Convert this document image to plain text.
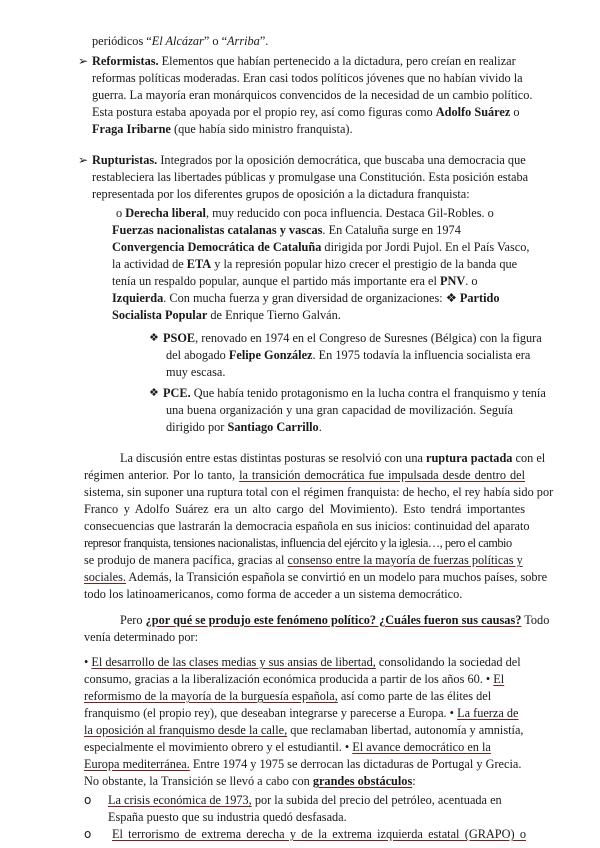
periódicos “El Alcázar” o “Arriba”.
➢ Reformistas. Elementos que habían pertenecido a la dictadura, pero creían en realizar
reformas políticas moderadas. Eran casi todos políticos jóvenes que no habían vivido la
guerra. La mayoría eran monárquicos convencidos de la necesidad de un cambio político.
Esta postura estaba apoyada por el propio rey, así como figuras como Adolfo Suárez o
Fraga Iribarne (que había sido ministro franquista).
➢ Rupturistas. Integrados por la oposición democrática, que buscaba una democracia que
restableciera las libertades públicas y promulgase una Constitución. Esta posición estaba
representada por los diferentes grupos de oposición a la dictadura franquista:
o Derecha liberal, muy reducido con poca influencia. Destaca Gil-Robles. o
Fuerzas nacionalistas catalanas y vascas. En Cataluña surge en 1974
Convergencia Democrática de Cataluña dirigida por Jordi Pujol. En el País Vasco,
la actividad de ETA y la represión popular hizo crecer el prestigio de la banda que
tenía un respaldo popular, aunque el partido más importante era el PNV. o
Izquierda. Con mucha fuerza y gran diversidad de organizaciones: ❖ Partido
Socialista Popular de Enrique Tierno Galván.
❖ PSOE, renovado en 1974 en el Congreso de Suresnes (Bélgica) con la figura
del abogado Felipe González. En 1975 todavía la influencia socialista era
muy escasa.
❖ PCE. Que había tenido protagonismo en la lucha contra el franquismo y tenía
una buena organización y una gran capacidad de movilización. Seguía
dirigido por Santiago Carrillo.
La discusión entre estas distintas posturas se resolvió con una ruptura pactada con el
régimen anterior. Por lo tanto, la transición democrática fue impulsada desde dentro del
sistema, sin suponer una ruptura total con el régimen franquista: de hecho, el rey había sido por
Franco y Adolfo Suárez era un alto cargo del Movimiento). Esto tendrá importantes
consecuencias que lastrarán la democracia española en sus inicios: continuidad del aparato
represor franquista, tensiones nacionalistas, influencia del ejército y la iglesia…, pero el cambio
se produjo de manera pacífica, gracias al consenso entre la mayoría de fuerzas políticas y
sociales. Además, la Transición española se convirtió en un modelo para muchos países, sobre
todo los latinoamericanos, como forma de acceder a un sistema democrático.
Pero ¿por qué se produjo este fenómeno político? ¿Cuáles fueron sus causas? Todo
venía determinado por:
• El desarrollo de las clases medias y sus ansias de libertad, consolidando la sociedad del
consumo, gracias a la liberalización económica producida a partir de los años 60. • El
reformismo de la mayoría de la burguesía española, así como parte de las élites del
franquismo (el propio rey), que deseaban integrarse y parecerse a Europa. • La fuerza de
la oposición al franquismo desde la calle, que reclamaban libertad, autonomía y amnistía,
especialmente el movimiento obrero y el estudiantil. • El avance democrático en la
Europa mediterránea. Entre 1974 y 1975 se derrocan las dictaduras de Portugal y Grecia.
No obstante, la Transición se llevó a cabo con grandes obstáculos:
o La crisis económica de 1973, por la subida del precio del petróleo, acentuada en
España puesto que su industria quedó desfasada.
o El terrorismo de extrema derecha y de la extrema izquierda estatal (GRAPO) o
